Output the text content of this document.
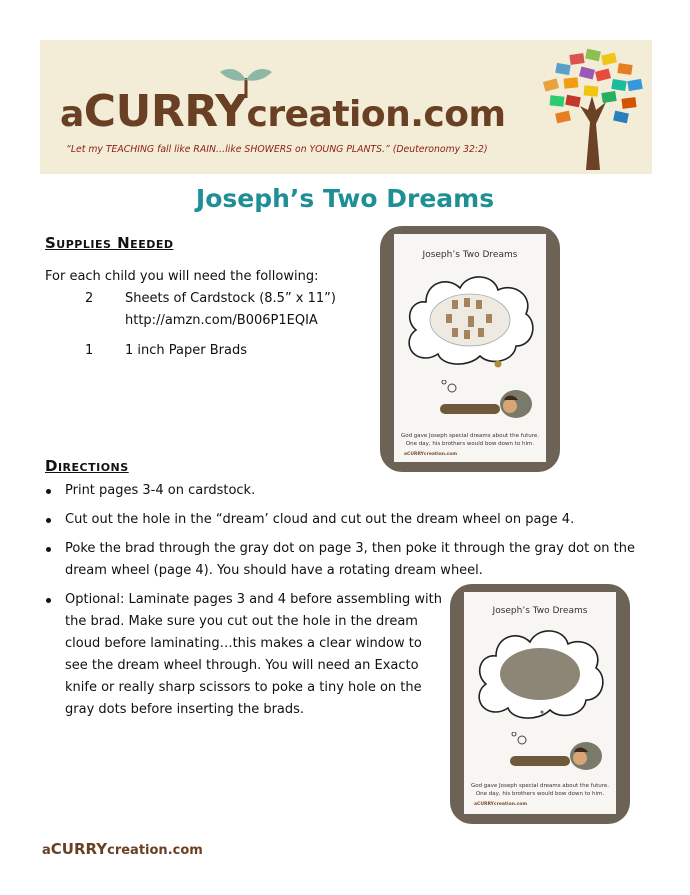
aCURRYcreation.com
“Let my TEACHING fall like RAIN…like SHOWERS on YOUNG PLANTS.” (Deuteronomy 32:2)
Joseph’s Two Dreams
Supplies Needed
For each child you will need the following:
2	Sheets of Cardstock (8.5” x 11”)
http://amzn.com/B006P1EQIA
1	1 inch Paper Brads
Joseph’s Two Dreams
God gave Joseph special dreams about the future.
One day, his brothers would bow down to him.
aCURRYcreation.com
Directions
Print pages 3-4 on cardstock.
Cut out the hole in the “dream’ cloud and cut out the dream wheel on page 4.
Poke the brad through the gray dot on page 3, then poke it through the gray dot on the dream wheel (page 4). You should have a rotating dream wheel.
Optional: Laminate pages 3 and 4 before assembling with the brad. Make sure you cut out the hole in the dream cloud before laminating…this makes a clear window to see the dream wheel through. You will need an Exacto knife or really sharp scissors to poke a tiny hole on the gray dots before inserting the brads.
Joseph’s Two Dreams
God gave Joseph special dreams about the future.
One day, his brothers would bow down to him.
aCURRYcreation.com
aCURRYcreation.com
